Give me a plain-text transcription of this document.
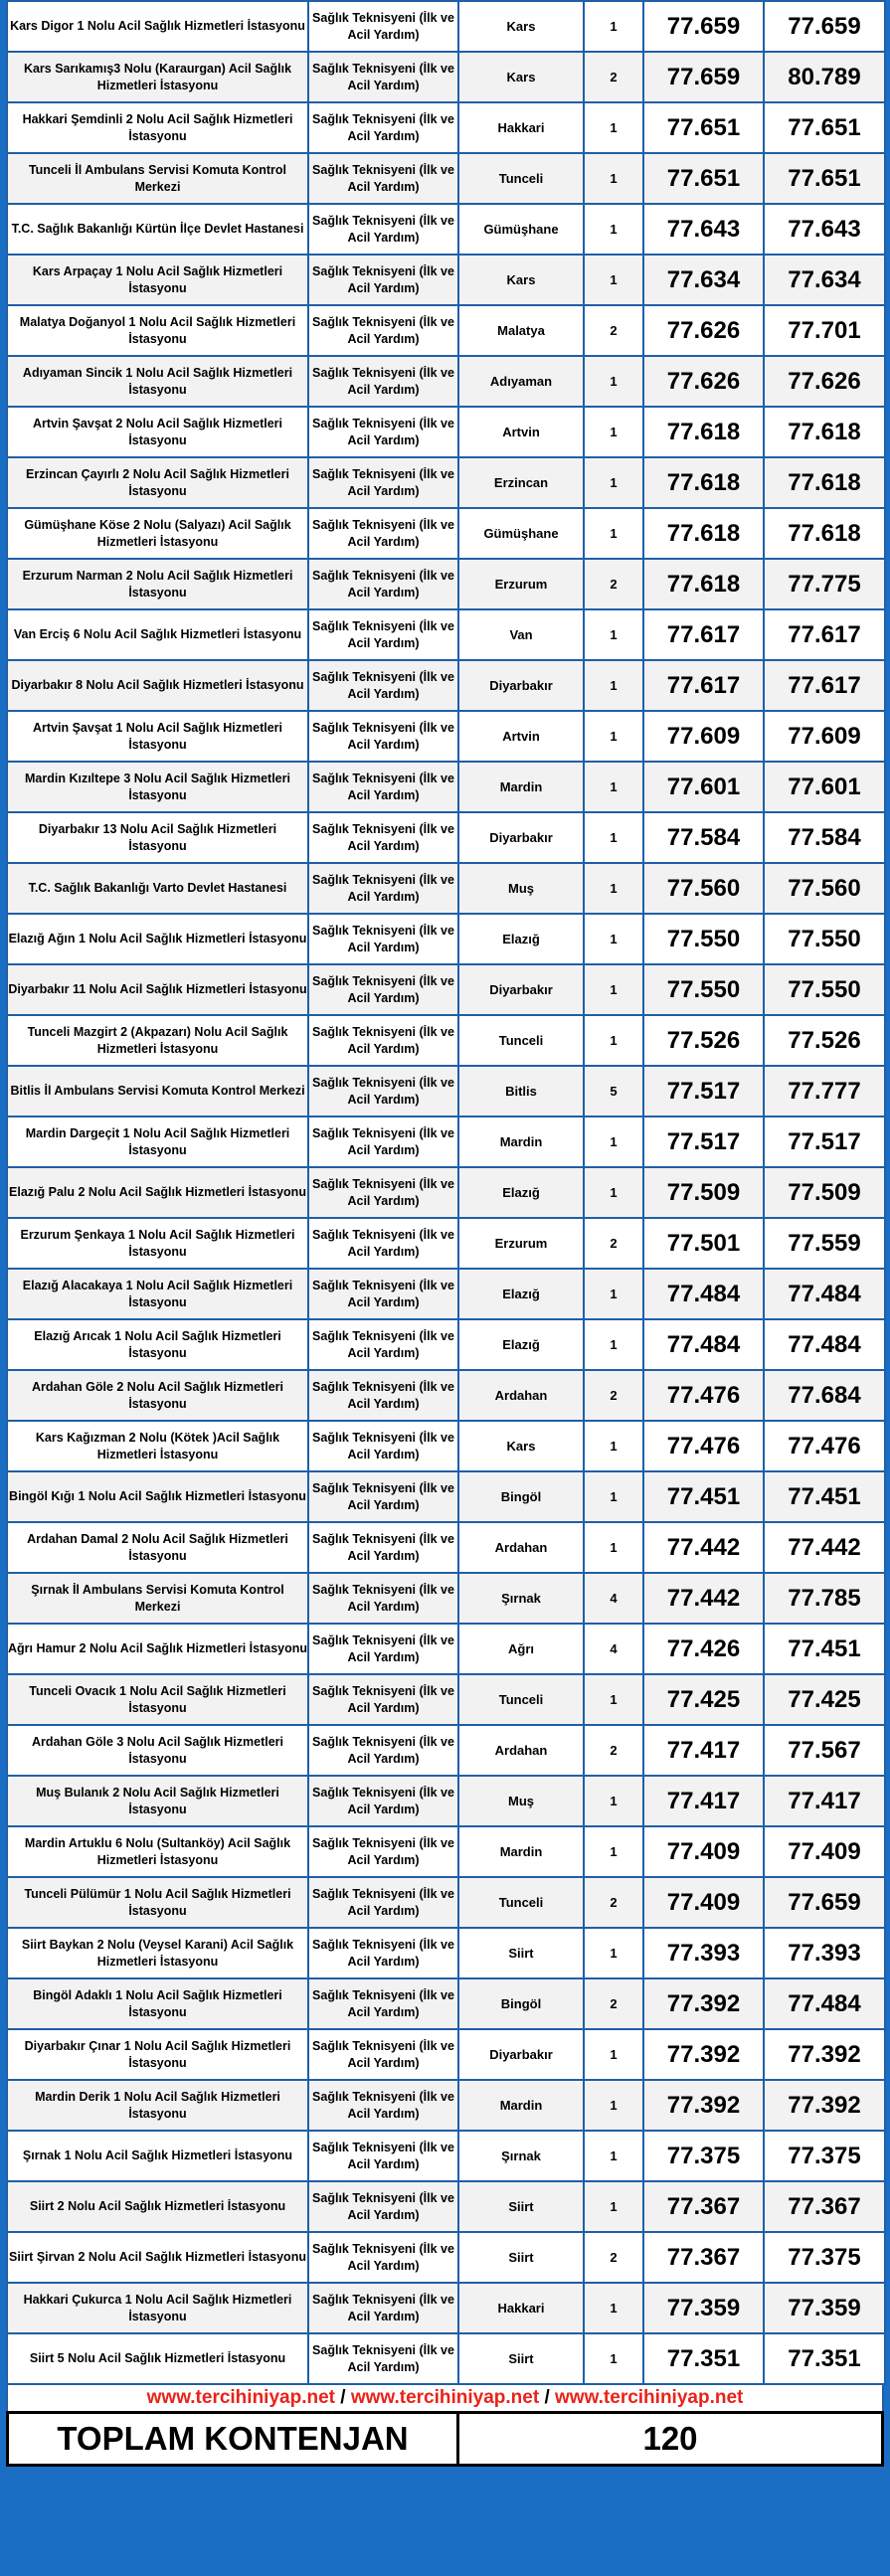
Kars Digor 1 Nolu Acil Sağlık Hizmetleri İstasyonu	Sağlık Teknisyeni (İlk ve Acil Yardım)	Kars	1	77.659	77.659
Kars Sarıkamış3 Nolu (Karaurgan) Acil Sağlık Hizmetleri İstasyonu	Sağlık Teknisyeni (İlk ve Acil Yardım)	Kars	2	77.659	80.789
Hakkari Şemdinli 2 Nolu Acil Sağlık Hizmetleri İstasyonu	Sağlık Teknisyeni (İlk ve Acil Yardım)	Hakkari	1	77.651	77.651
Tunceli İl Ambulans Servisi Komuta Kontrol Merkezi	Sağlık Teknisyeni (İlk ve Acil Yardım)	Tunceli	1	77.651	77.651
T.C. Sağlık Bakanlığı Kürtün İlçe Devlet Hastanesi	Sağlık Teknisyeni (İlk ve Acil Yardım)	Gümüşhane	1	77.643	77.643
Kars Arpaçay 1 Nolu Acil Sağlık Hizmetleri İstasyonu	Sağlık Teknisyeni (İlk ve Acil Yardım)	Kars	1	77.634	77.634
Malatya Doğanyol 1 Nolu Acil Sağlık Hizmetleri İstasyonu	Sağlık Teknisyeni (İlk ve Acil Yardım)	Malatya	2	77.626	77.701
Adıyaman Sincik 1 Nolu Acil Sağlık Hizmetleri İstasyonu	Sağlık Teknisyeni (İlk ve Acil Yardım)	Adıyaman	1	77.626	77.626
Artvin Şavşat 2 Nolu Acil Sağlık Hizmetleri İstasyonu	Sağlık Teknisyeni (İlk ve Acil Yardım)	Artvin	1	77.618	77.618
Erzincan Çayırlı 2 Nolu Acil Sağlık Hizmetleri İstasyonu	Sağlık Teknisyeni (İlk ve Acil Yardım)	Erzincan	1	77.618	77.618
Gümüşhane Köse 2 Nolu (Salyazı) Acil Sağlık Hizmetleri İstasyonu	Sağlık Teknisyeni (İlk ve Acil Yardım)	Gümüşhane	1	77.618	77.618
Erzurum Narman 2 Nolu Acil Sağlık Hizmetleri İstasyonu	Sağlık Teknisyeni (İlk ve Acil Yardım)	Erzurum	2	77.618	77.775
Van Erciş 6 Nolu Acil Sağlık Hizmetleri İstasyonu	Sağlık Teknisyeni (İlk ve Acil Yardım)	Van	1	77.617	77.617
Diyarbakır 8 Nolu Acil Sağlık Hizmetleri İstasyonu	Sağlık Teknisyeni (İlk ve Acil Yardım)	Diyarbakır	1	77.617	77.617
Artvin Şavşat 1 Nolu Acil Sağlık Hizmetleri İstasyonu	Sağlık Teknisyeni (İlk ve Acil Yardım)	Artvin	1	77.609	77.609
Mardin Kızıltepe 3 Nolu Acil Sağlık Hizmetleri İstasyonu	Sağlık Teknisyeni (İlk ve Acil Yardım)	Mardin	1	77.601	77.601
Diyarbakır 13 Nolu Acil Sağlık Hizmetleri İstasyonu	Sağlık Teknisyeni (İlk ve Acil Yardım)	Diyarbakır	1	77.584	77.584
T.C. Sağlık Bakanlığı Varto Devlet Hastanesi	Sağlık Teknisyeni (İlk ve Acil Yardım)	Muş	1	77.560	77.560
Elazığ Ağın 1 Nolu Acil Sağlık Hizmetleri İstasyonu	Sağlık Teknisyeni (İlk ve Acil Yardım)	Elazığ	1	77.550	77.550
Diyarbakır 11 Nolu Acil Sağlık Hizmetleri İstasyonu	Sağlık Teknisyeni (İlk ve Acil Yardım)	Diyarbakır	1	77.550	77.550
Tunceli Mazgirt 2 (Akpazarı) Nolu Acil Sağlık Hizmetleri İstasyonu	Sağlık Teknisyeni (İlk ve Acil Yardım)	Tunceli	1	77.526	77.526
Bitlis İl Ambulans Servisi Komuta Kontrol Merkezi	Sağlık Teknisyeni (İlk ve Acil Yardım)	Bitlis	5	77.517	77.777
Mardin Dargeçit 1 Nolu Acil Sağlık Hizmetleri İstasyonu	Sağlık Teknisyeni (İlk ve Acil Yardım)	Mardin	1	77.517	77.517
Elazığ Palu 2 Nolu Acil Sağlık Hizmetleri İstasyonu	Sağlık Teknisyeni (İlk ve Acil Yardım)	Elazığ	1	77.509	77.509
Erzurum Şenkaya 1 Nolu Acil Sağlık Hizmetleri İstasyonu	Sağlık Teknisyeni (İlk ve Acil Yardım)	Erzurum	2	77.501	77.559
Elazığ Alacakaya 1 Nolu Acil Sağlık Hizmetleri İstasyonu	Sağlık Teknisyeni (İlk ve Acil Yardım)	Elazığ	1	77.484	77.484
Elazığ Arıcak 1 Nolu Acil Sağlık Hizmetleri İstasyonu	Sağlık Teknisyeni (İlk ve Acil Yardım)	Elazığ	1	77.484	77.484
Ardahan Göle 2 Nolu Acil Sağlık Hizmetleri İstasyonu	Sağlık Teknisyeni (İlk ve Acil Yardım)	Ardahan	2	77.476	77.684
Kars Kağızman 2 Nolu (Kötek )Acil Sağlık Hizmetleri İstasyonu	Sağlık Teknisyeni (İlk ve Acil Yardım)	Kars	1	77.476	77.476
Bingöl Kığı 1 Nolu Acil Sağlık Hizmetleri İstasyonu	Sağlık Teknisyeni (İlk ve Acil Yardım)	Bingöl	1	77.451	77.451
Ardahan Damal 2 Nolu Acil Sağlık Hizmetleri İstasyonu	Sağlık Teknisyeni (İlk ve Acil Yardım)	Ardahan	1	77.442	77.442
Şırnak İl Ambulans Servisi Komuta Kontrol Merkezi	Sağlık Teknisyeni (İlk ve Acil Yardım)	Şırnak	4	77.442	77.785
Ağrı Hamur 2 Nolu Acil Sağlık Hizmetleri İstasyonu	Sağlık Teknisyeni (İlk ve Acil Yardım)	Ağrı	4	77.426	77.451
Tunceli Ovacık 1 Nolu Acil Sağlık Hizmetleri İstasyonu	Sağlık Teknisyeni (İlk ve Acil Yardım)	Tunceli	1	77.425	77.425
Ardahan Göle 3 Nolu Acil Sağlık Hizmetleri İstasyonu	Sağlık Teknisyeni (İlk ve Acil Yardım)	Ardahan	2	77.417	77.567
Muş Bulanık 2 Nolu Acil Sağlık Hizmetleri İstasyonu	Sağlık Teknisyeni (İlk ve Acil Yardım)	Muş	1	77.417	77.417
Mardin Artuklu 6 Nolu (Sultanköy) Acil Sağlık Hizmetleri İstasyonu	Sağlık Teknisyeni (İlk ve Acil Yardım)	Mardin	1	77.409	77.409
Tunceli Pülümür 1 Nolu Acil Sağlık Hizmetleri İstasyonu	Sağlık Teknisyeni (İlk ve Acil Yardım)	Tunceli	2	77.409	77.659
Siirt Baykan 2 Nolu (Veysel Karani) Acil Sağlık Hizmetleri İstasyonu	Sağlık Teknisyeni (İlk ve Acil Yardım)	Siirt	1	77.393	77.393
Bingöl Adaklı 1 Nolu Acil Sağlık Hizmetleri İstasyonu	Sağlık Teknisyeni (İlk ve Acil Yardım)	Bingöl	2	77.392	77.484
Diyarbakır Çınar 1 Nolu Acil Sağlık Hizmetleri İstasyonu	Sağlık Teknisyeni (İlk ve Acil Yardım)	Diyarbakır	1	77.392	77.392
Mardin Derik 1 Nolu Acil Sağlık Hizmetleri İstasyonu	Sağlık Teknisyeni (İlk ve Acil Yardım)	Mardin	1	77.392	77.392
Şırnak 1 Nolu Acil Sağlık Hizmetleri İstasyonu	Sağlık Teknisyeni (İlk ve Acil Yardım)	Şırnak	1	77.375	77.375
Siirt 2 Nolu Acil Sağlık Hizmetleri İstasyonu	Sağlık Teknisyeni (İlk ve Acil Yardım)	Siirt	1	77.367	77.367
Siirt Şirvan 2 Nolu Acil Sağlık Hizmetleri İstasyonu	Sağlık Teknisyeni (İlk ve Acil Yardım)	Siirt	2	77.367	77.375
Hakkari Çukurca 1 Nolu Acil Sağlık Hizmetleri İstasyonu	Sağlık Teknisyeni (İlk ve Acil Yardım)	Hakkari	1	77.359	77.359
Siirt 5 Nolu Acil Sağlık Hizmetleri İstasyonu	Sağlık Teknisyeni (İlk ve Acil Yardım)	Siirt	1	77.351	77.351
www.tercihiniyap.net / www.tercihiniyap.net / www.tercihiniyap.net
TOPLAM KONTENJAN	120
